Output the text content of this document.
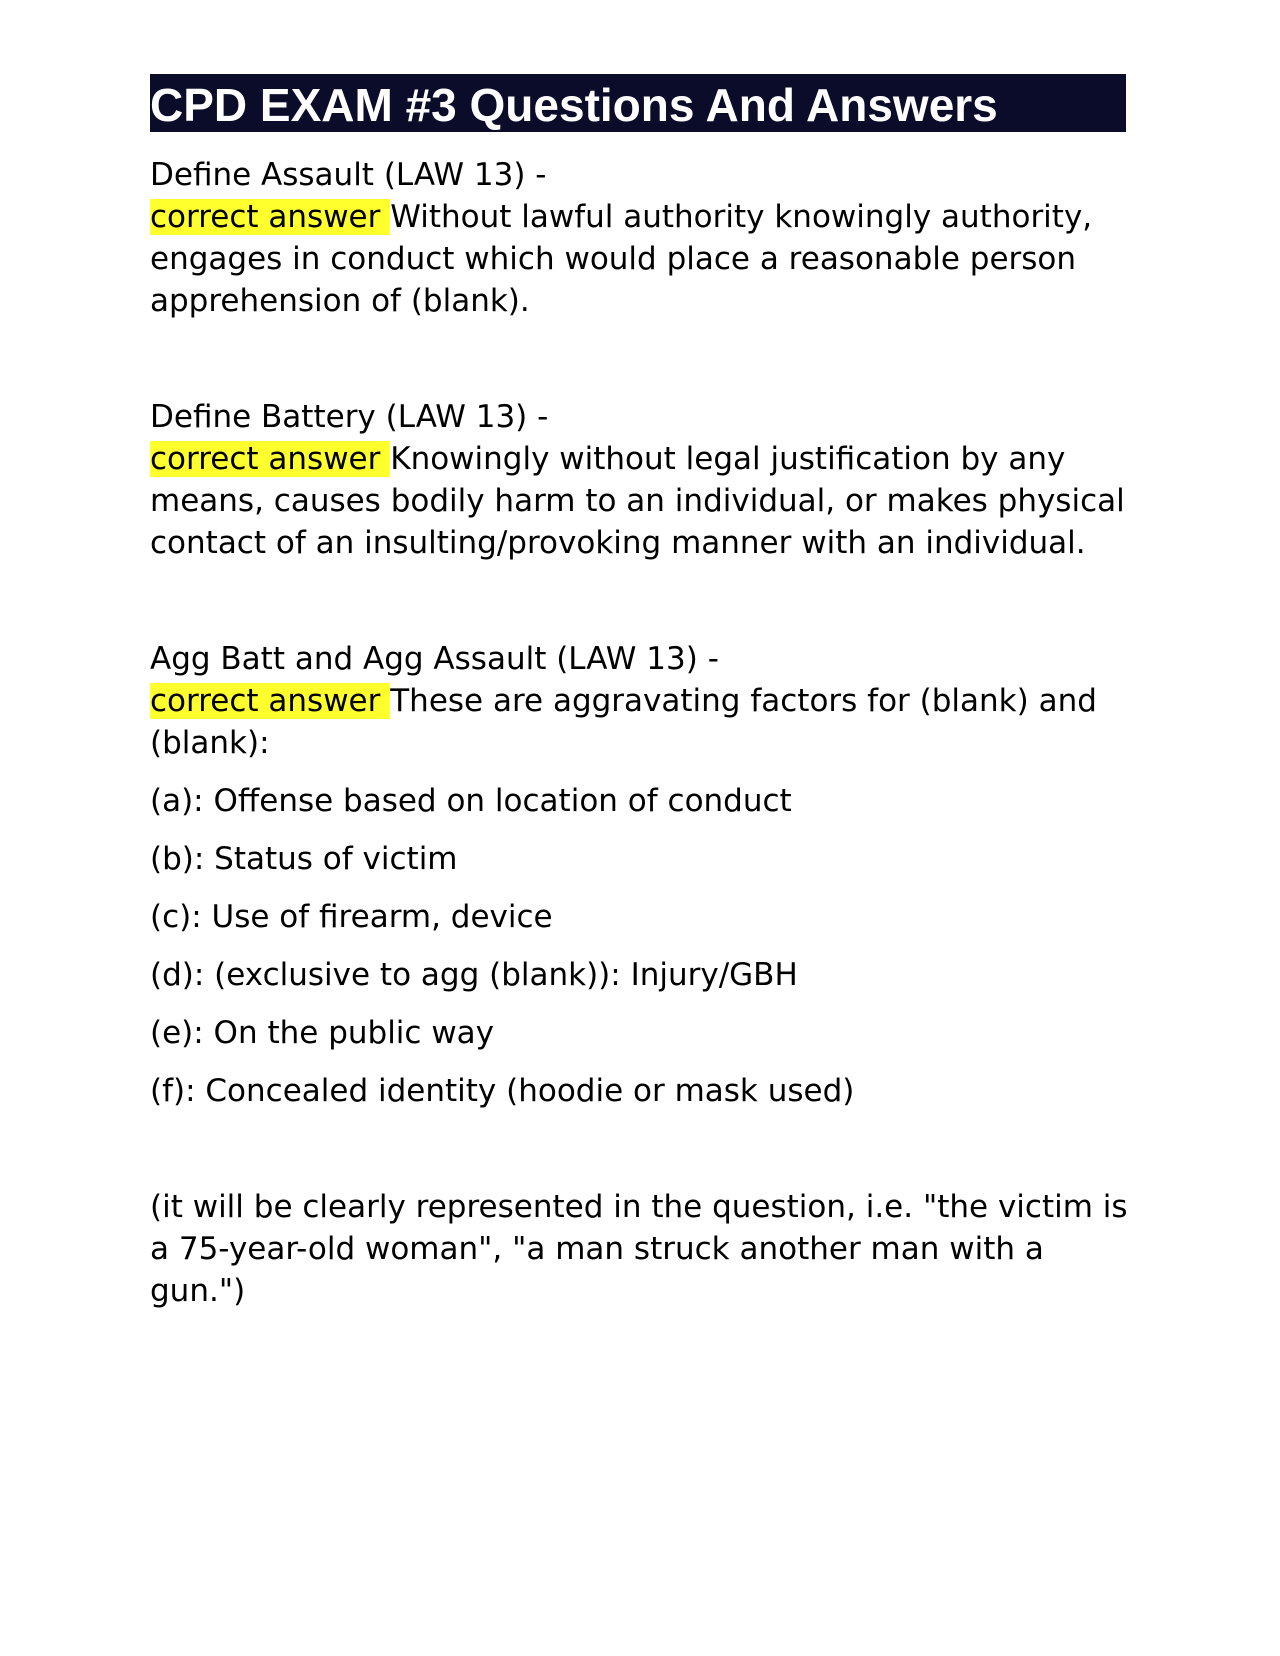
CPD EXAM #3 Questions And Answers
Define Assault (LAW 13) -
correct answer Without lawful authority knowingly authority, engages in conduct which would place a reasonable person apprehension of (blank).
Define Battery (LAW 13) -
correct answer Knowingly without legal justification by any means, causes bodily harm to an individual, or makes physical contact of an insulting/provoking manner with an individual.
Agg Batt and Agg Assault (LAW 13) -
correct answer These are aggravating factors for (blank) and (blank):
(a): Offense based on location of conduct
(b): Status of victim
(c): Use of firearm, device
(d): (exclusive to agg (blank)): Injury/GBH
(e): On the public way
(f): Concealed identity (hoodie or mask used)
(it will be clearly represented in the question, i.e. "the victim is a 75-year-old woman", "a man struck another man with a gun.")
